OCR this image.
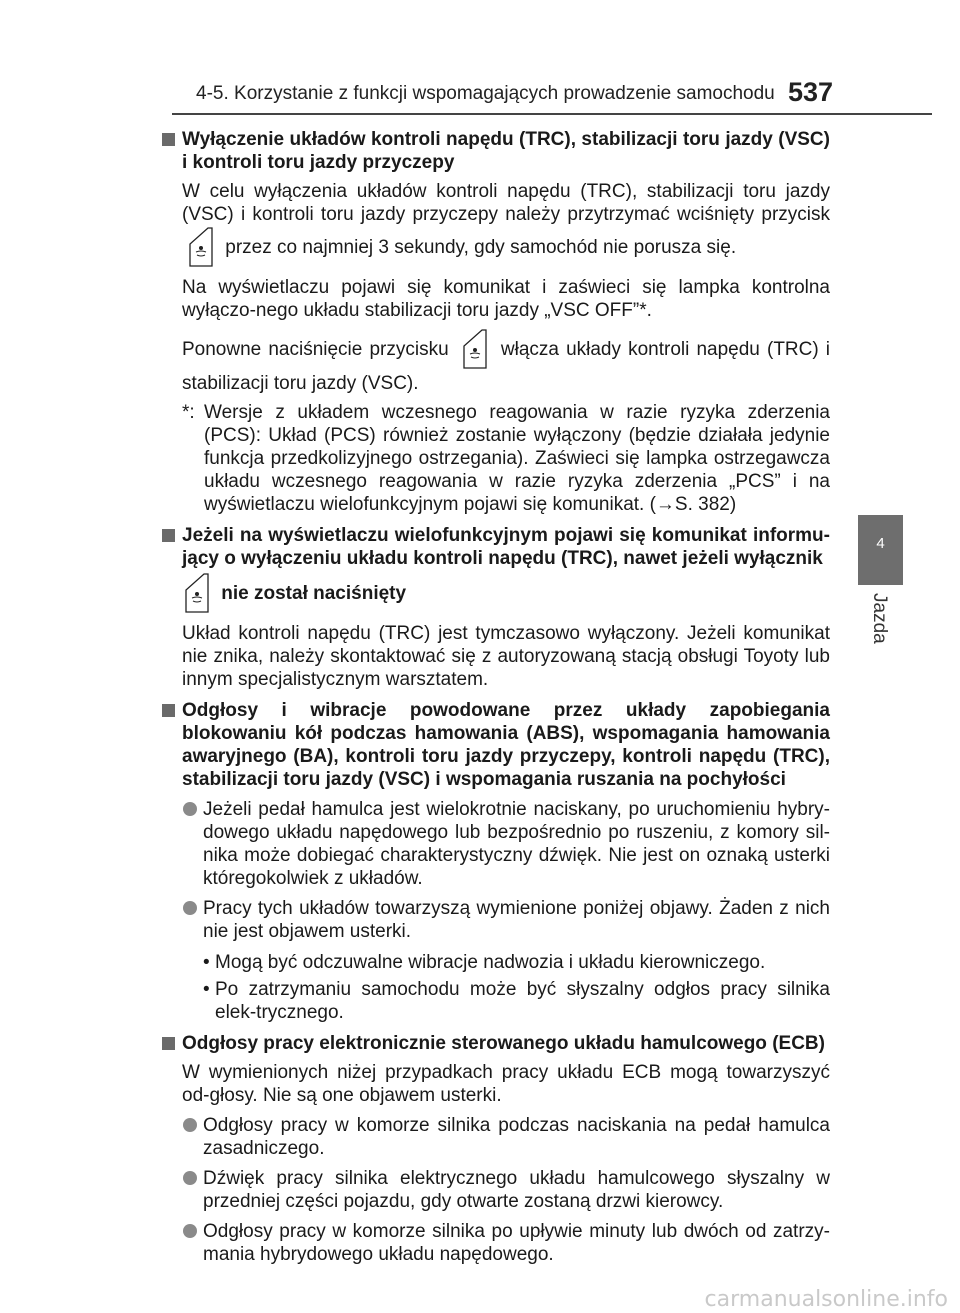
4-5. Korzystanie z funkcji wspomagających prowadzenie samochodu 537
4
Jazda
Wyłączenie układów kontroli napędu (TRC), stabilizacji toru jazdy (VSC) i kontroli toru jazdy przyczepy
W celu wyłączenia układów kontroli napędu (TRC), stabilizacji toru jazdy (VSC) i kontroli toru jazdy przyczepy należy przytrzymać wciśnięty przycisk
przez co najmniej 3 sekundy, gdy samochód nie porusza się.
Na wyświetlaczu pojawi się komunikat i zaświeci się lampka kontrolna wyłączo-nego układu stabilizacji toru jazdy „VSC OFF”*.
Ponowne naciśnięcie przycisku	włącza układy kontroli napędu (TRC) i stabilizacji toru jazdy (VSC).
*: Wersje z układem wczesnego reagowania w razie ryzyka zderzenia (PCS): Układ (PCS) również zostanie wyłączony (będzie działała jedynie funkcja przedkolizyjnego ostrzegania). Zaświeci się lampka ostrzegawcza układu wczesnego reagowania w razie ryzyka zderzenia „PCS” i na wyświetlaczu wielofunkcyjnym pojawi się komunikat. (→S. 382)
Jeżeli na wyświetlaczu wielofunkcyjnym pojawi się komunikat informu-jący o wyłączeniu układu kontroli napędu (TRC), nawet jeżeli wyłącznik
nie został naciśnięty
Układ kontroli napędu (TRC) jest tymczasowo wyłączony. Jeżeli komunikat nie znika, należy skontaktować się z autoryzowaną stacją obsługi Toyoty lub innym specjalistycznym warsztatem.
Odgłosy i wibracje powodowane przez układy zapobiegania blokowaniu kół podczas hamowania (ABS), wspomagania hamowania awaryjnego (BA), kontroli toru jazdy przyczepy, kontroli napędu (TRC), stabilizacji toru jazdy (VSC) i wspomagania ruszania na pochyłości
Jeżeli pedał hamulca jest wielokrotnie naciskany, po uruchomieniu hybry-dowego układu napędowego lub bezpośrednio po ruszeniu, z komory sil-nika może dobiegać charakterystyczny dźwięk. Nie jest on oznaką usterki któregokolwiek z układów.
Pracy tych układów towarzyszą wymienione poniżej objawy. Żaden z nich nie jest objawem usterki.
• Mogą być odczuwalne wibracje nadwozia i układu kierowniczego.
• Po zatrzymaniu samochodu może być słyszalny odgłos pracy silnika elek-trycznego.
Odgłosy pracy elektronicznie sterowanego układu hamulcowego (ECB)
W wymienionych niżej przypadkach pracy układu ECB mogą towarzyszyć od-głosy. Nie są one objawem usterki.
Odgłosy pracy w komorze silnika podczas naciskania na pedał hamulca zasadniczego.
Dźwięk pracy silnika elektrycznego układu hamulcowego słyszalny w przedniej części pojazdu, gdy otwarte zostaną drzwi kierowcy.
Odgłosy pracy w komorze silnika po upływie minuty lub dwóch od zatrzy-mania hybrydowego układu napędowego.
carmanualsonline.info
